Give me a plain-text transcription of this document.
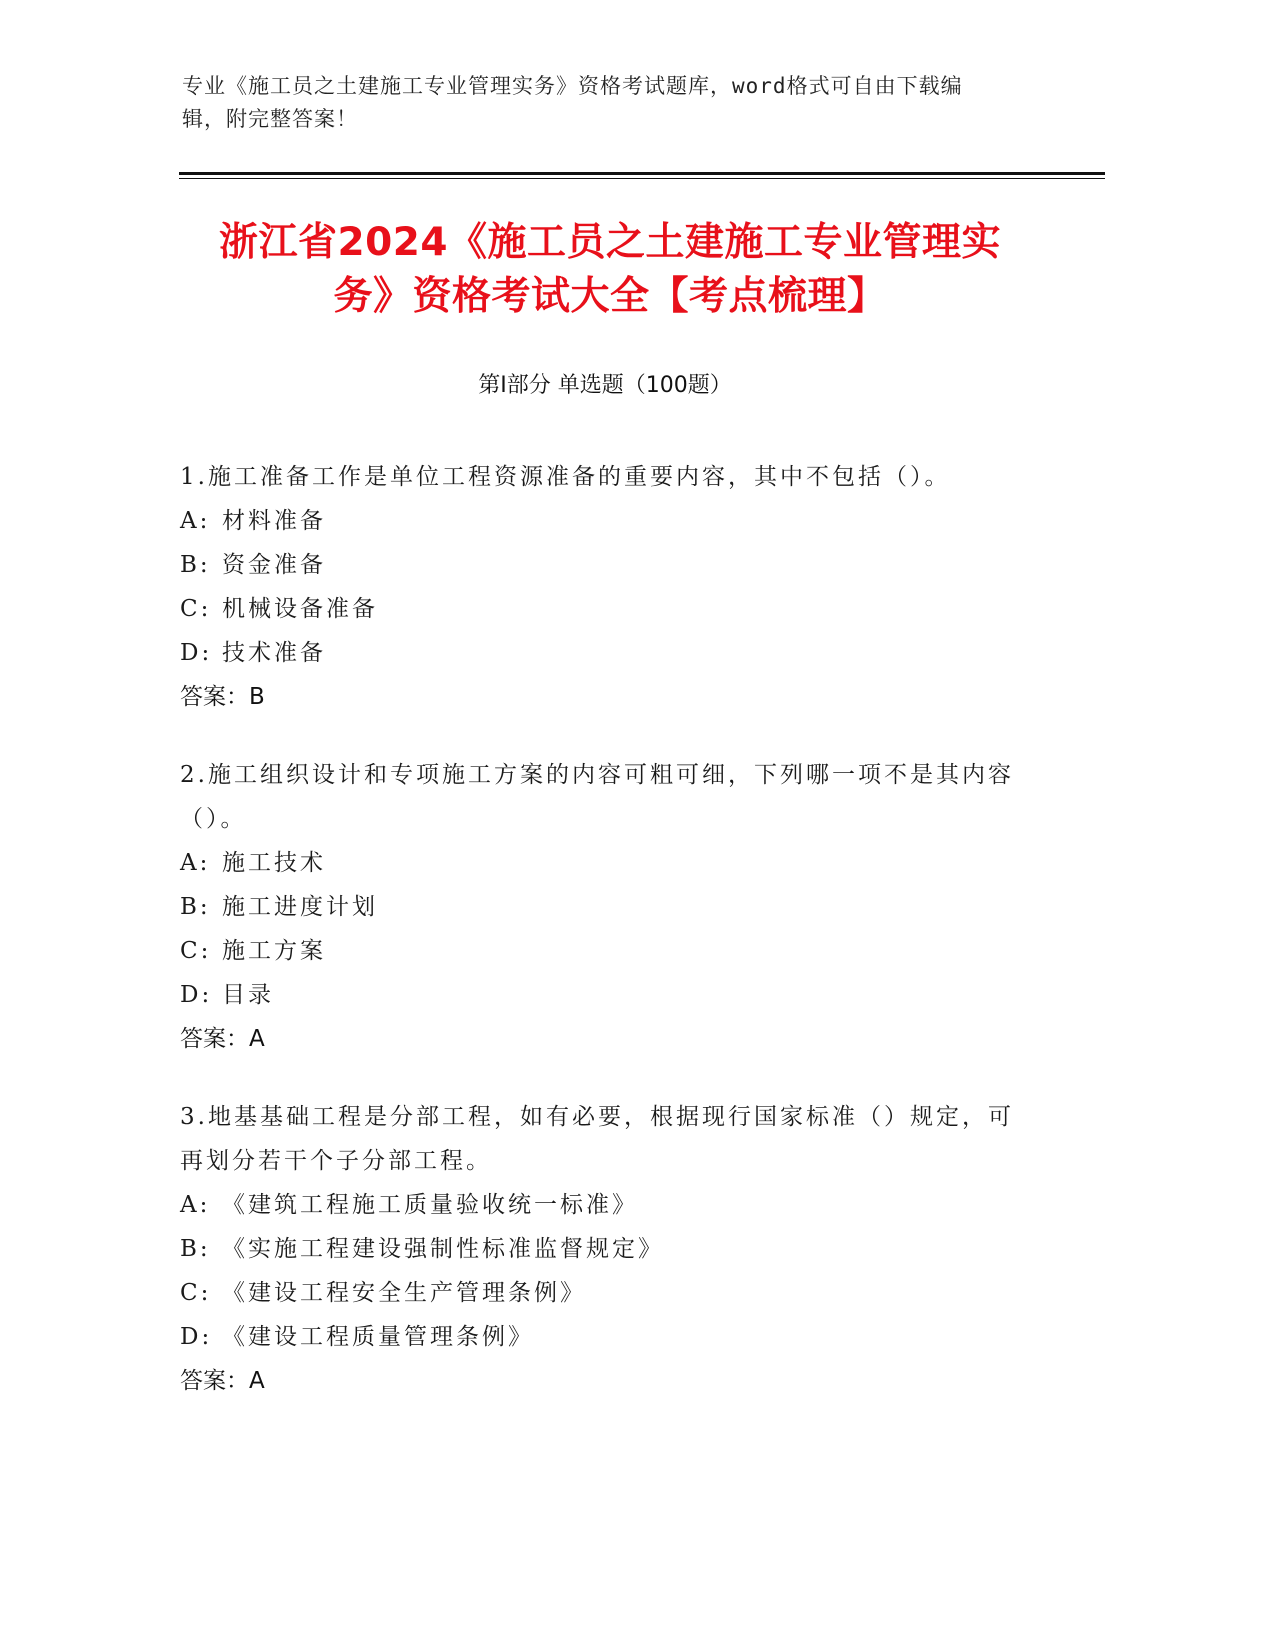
专业《施工员之土建施工专业管理实务》资格考试题库，word格式可自由下载编
辑，附完整答案！
浙江省2024《施工员之土建施工专业管理实
务》资格考试大全【考点梳理】
第Ⅰ部分 单选题（100题）
1.施工准备工作是单位工程资源准备的重要内容，其中不包括（）。
A: 材料准备
B: 资金准备
C: 机械设备准备
D: 技术准备
答案：B
2.施工组织设计和专项施工方案的内容可粗可细，下列哪一项不是其内容（）。
A: 施工技术
B: 施工进度计划
C: 施工方案
D: 目录
答案：A
3.地基基础工程是分部工程，如有必要，根据现行国家标准（）规定，可再划分若干个子分部工程。
A: 《建筑工程施工质量验收统一标准》
B: 《实施工程建设强制性标准监督规定》
C: 《建设工程安全生产管理条例》
D: 《建设工程质量管理条例》
答案：A
